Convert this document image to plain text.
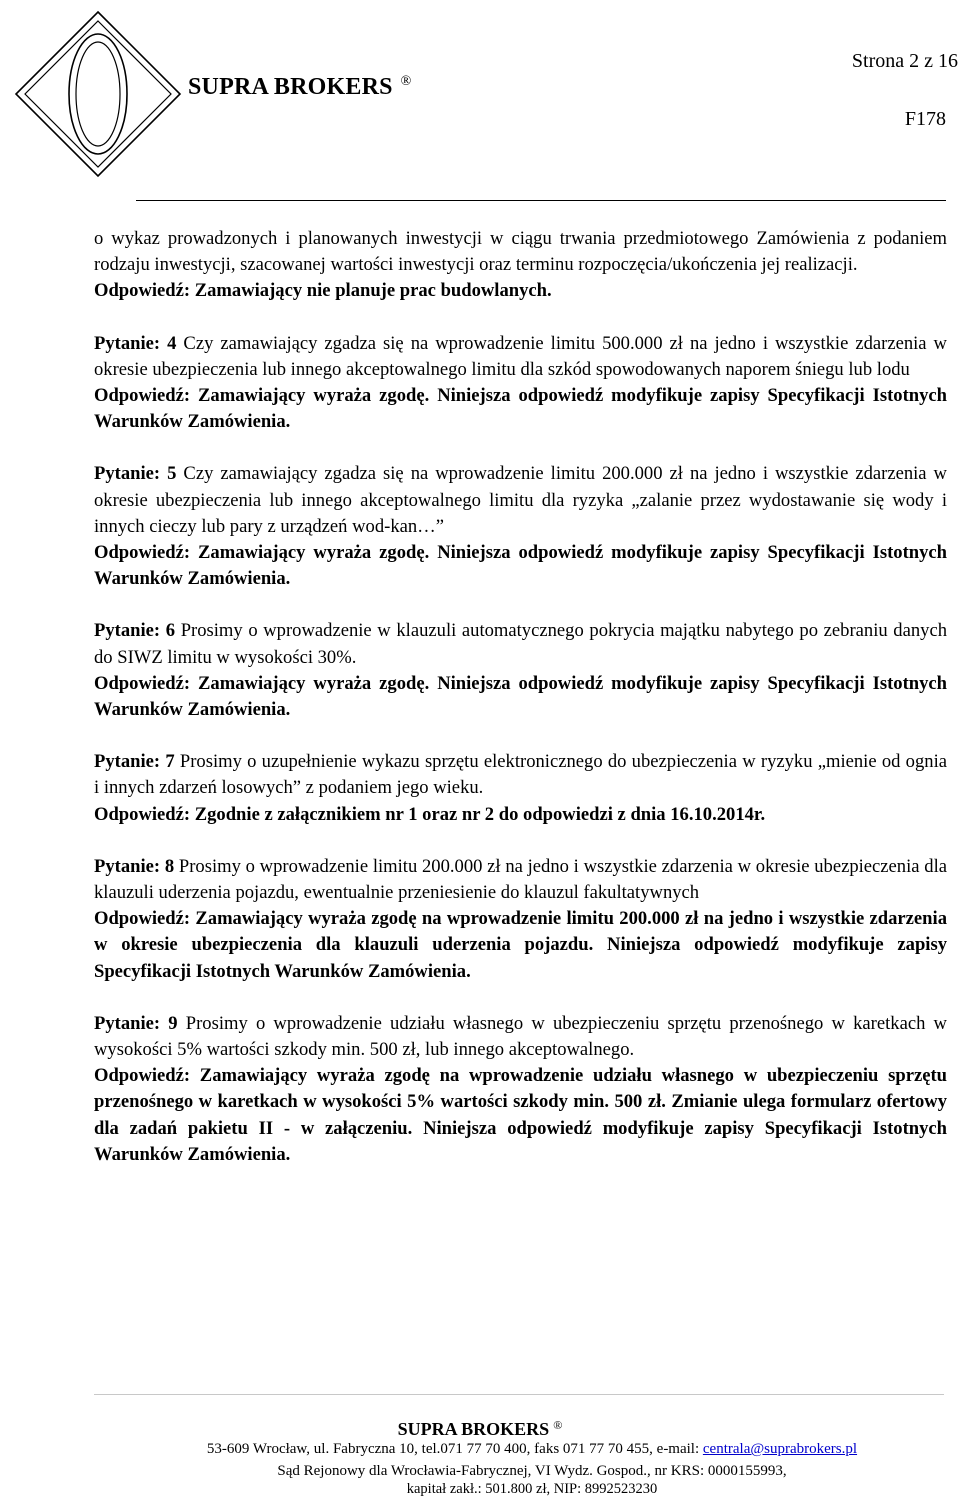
SUPRA BROKERS ®
Strona 2 z 16
F178

o wykaz prowadzonych i planowanych inwestycji w ciągu trwania przedmiotowego Zamówienia z podaniem rodzaju inwestycji, szacowanej wartości inwestycji oraz terminu rozpoczęcia/ukończenia jej realizacji.

Odpowiedź: Zamawiający nie planuje prac budowlanych.

Pytanie: 4 Czy zamawiający zgadza się na wprowadzenie limitu 500.000 zł na jedno i wszystkie zdarzenia w okresie ubezpieczenia lub innego akceptowalnego limitu dla szkód spowodowanych naporem śniegu lub lodu

Odpowiedź: Zamawiający wyraża zgodę. Niniejsza odpowiedź modyfikuje zapisy Specyfikacji Istotnych Warunków Zamówienia.

Pytanie: 5 Czy zamawiający zgadza się na wprowadzenie limitu 200.000 zł na jedno i wszystkie zdarzenia w okresie ubezpieczenia lub innego akceptowalnego limitu dla ryzyka „zalanie przez wydostawanie się wody i innych cieczy lub pary z urządzeń wod-kan…”

Odpowiedź: Zamawiający wyraża zgodę. Niniejsza odpowiedź modyfikuje zapisy Specyfikacji Istotnych Warunków Zamówienia.

Pytanie: 6 Prosimy o wprowadzenie w klauzuli automatycznego pokrycia majątku nabytego po zebraniu danych do SIWZ limitu w wysokości 30%.

Odpowiedź: Zamawiający wyraża zgodę. Niniejsza odpowiedź modyfikuje zapisy Specyfikacji Istotnych Warunków Zamówienia.

Pytanie: 7 Prosimy o uzupełnienie wykazu sprzętu elektronicznego do ubezpieczenia w ryzyku „mienie od ognia i innych zdarzeń losowych” z podaniem jego wieku.

Odpowiedź: Zgodnie z załącznikiem nr 1 oraz nr 2 do odpowiedzi z dnia 16.10.2014r.

Pytanie: 8 Prosimy o wprowadzenie limitu 200.000 zł na jedno i wszystkie zdarzenia w okresie ubezpieczenia dla klauzuli uderzenia pojazdu, ewentualnie przeniesienie do klauzul fakultatywnych

Odpowiedź: Zamawiający wyraża zgodę na wprowadzenie limitu 200.000 zł na jedno i wszystkie zdarzenia w okresie ubezpieczenia dla klauzuli uderzenia pojazdu. Niniejsza odpowiedź modyfikuje zapisy Specyfikacji Istotnych Warunków Zamówienia.

Pytanie: 9 Prosimy o wprowadzenie udziału własnego w ubezpieczeniu sprzętu przenośnego w karetkach w wysokości 5% wartości szkody min. 500 zł, lub innego akceptowalnego.

Odpowiedź: Zamawiający wyraża zgodę na wprowadzenie udziału własnego w ubezpieczeniu sprzętu przenośnego w karetkach w wysokości 5% wartości szkody min. 500 zł. Zmianie ulega formularz ofertowy dla zadań pakietu II - w załączeniu. Niniejsza odpowiedź modyfikuje zapisy Specyfikacji Istotnych Warunków Zamówienia.

SUPRA BROKERS ®
53-609 Wrocław, ul. Fabryczna 10, tel.071 77 70 400, faks 071 77 70 455, e-mail: centrala@suprabrokers.pl
Sąd Rejonowy dla Wrocławia-Fabrycznej, VI Wydz. Gospod., nr KRS: 0000155993,
kapitał zakł.: 501.800 zł, NIP: 8992523230
